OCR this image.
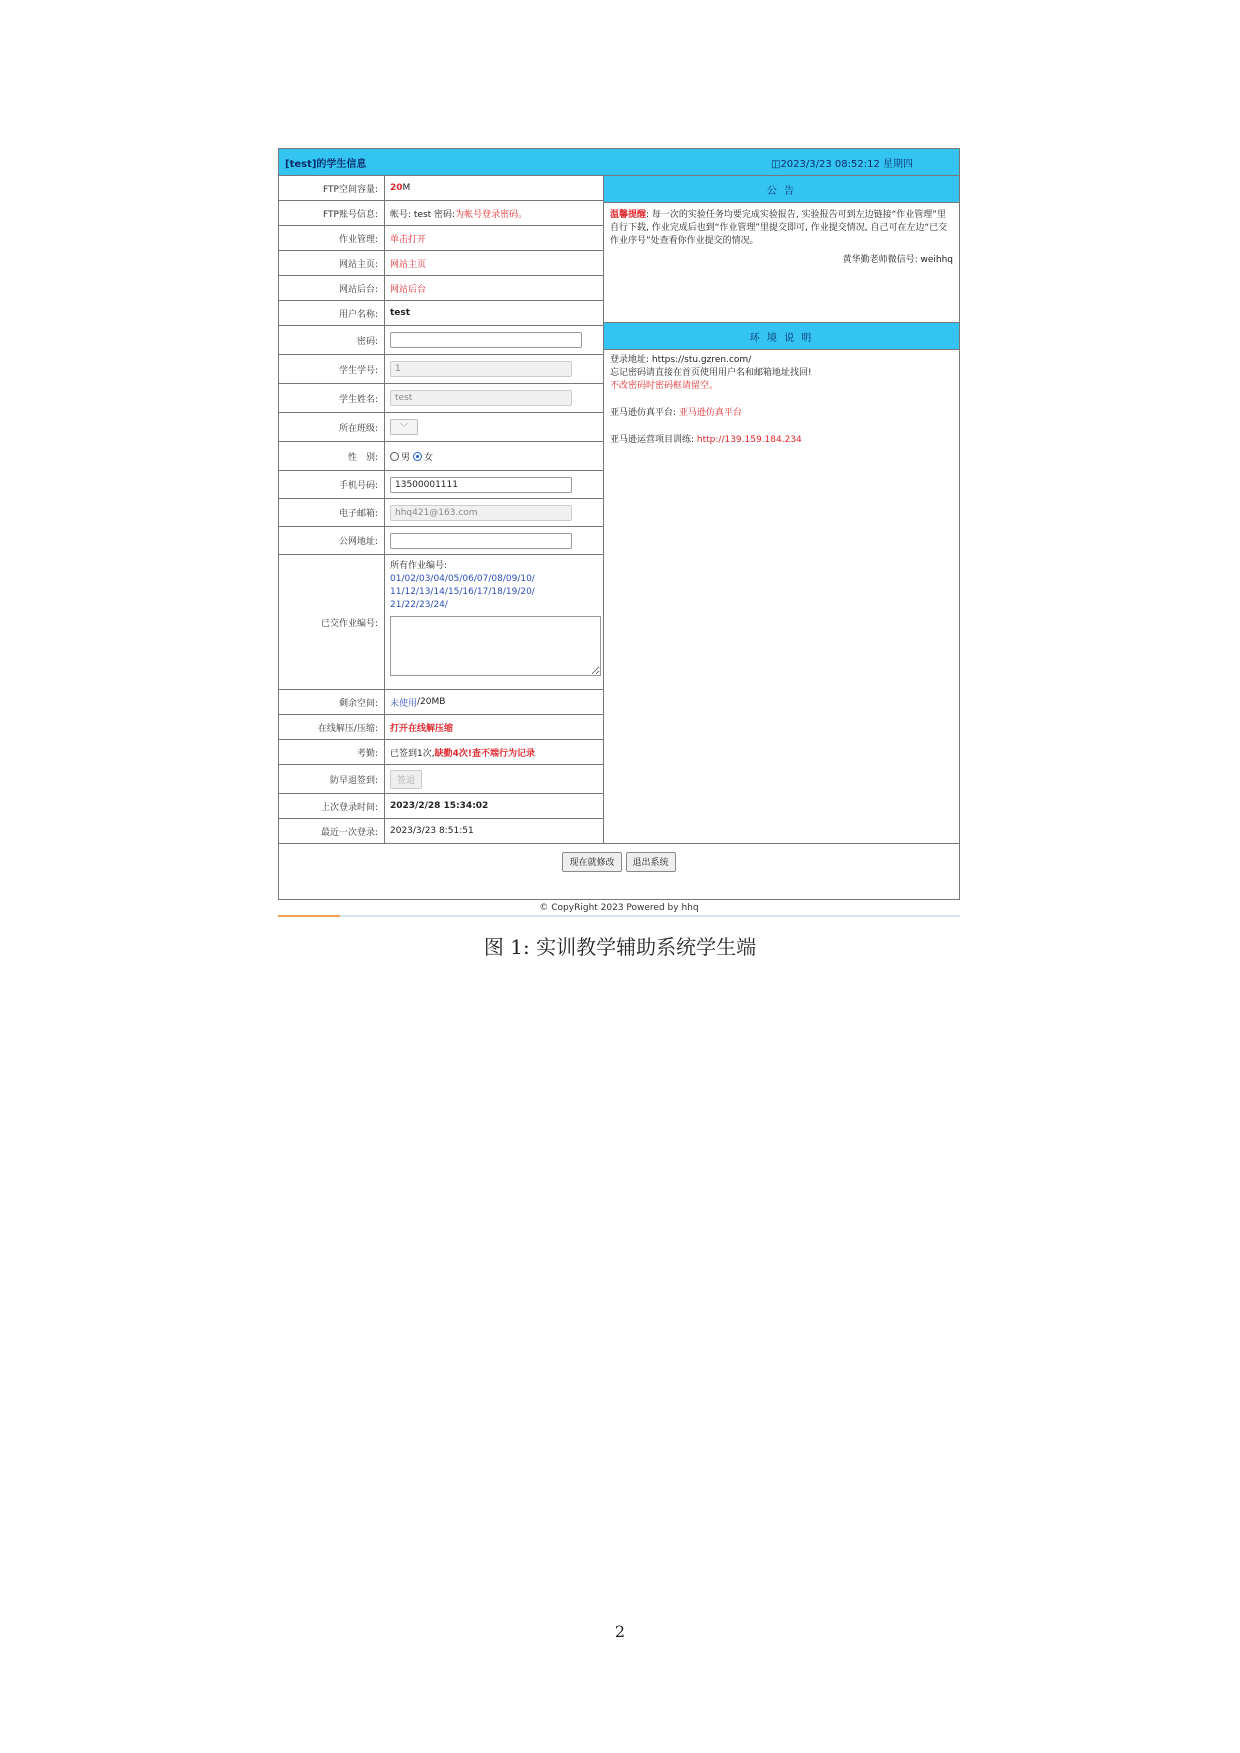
[test]的学生信息	◫2023/3/23 08:52:12 星期四
FTP空间容量:	20 M
FTP账号信息:	帐号: test 密码: 为帐号登录密码。
作业管理:	单击打开
网站主页:	网站主页
网站后台:	网站后台
用户名称:	test
密码:
学生学号:	1
学生姓名:	test
所在班级:	﹀
性　别:	男 女
手机号码:	13500001111
电子邮箱:	hhq421@163.com
公网地址:
已交作业编号:
所有作业编号:
01/02/03/04/05/06/07/08/09/10/
11/12/13/14/15/16/17/18/19/20/
21/22/23/24/
剩余空间:	未使用 /20MB
在线解压/压缩:	打开在线解压缩
考勤:	已签到1次, 缺勤4次!查不端行为记录
防早退签到:	签退
上次登录时间:	2023/2/28 15:34:02
最近一次登录:	2023/3/23 8:51:51
公 告
温馨提醒: 每一次的实验任务均要完成实验报告, 实验报告可到左边链接“作业管理”里自行下载, 作业完成后也到“作业管理”里提交即可, 作业提交情况, 自己可在左边“已交作业序号”处查看你作业提交的情况。
黄华勤老师微信号: weihhq
环 境 说 明
登录地址: https://stu.gzren.com/
忘记密码请直接在首页使用用户名和邮箱地址找回!
不改密码时密码框请留空。
亚马逊仿真平台: 亚马逊仿真平台
亚马逊运营项目训练: http://139.159.184.234
现在就修改	退出系统
© CopyRight 2023 Powered by hhq
图 1: 实训教学辅助系统学生端
2
